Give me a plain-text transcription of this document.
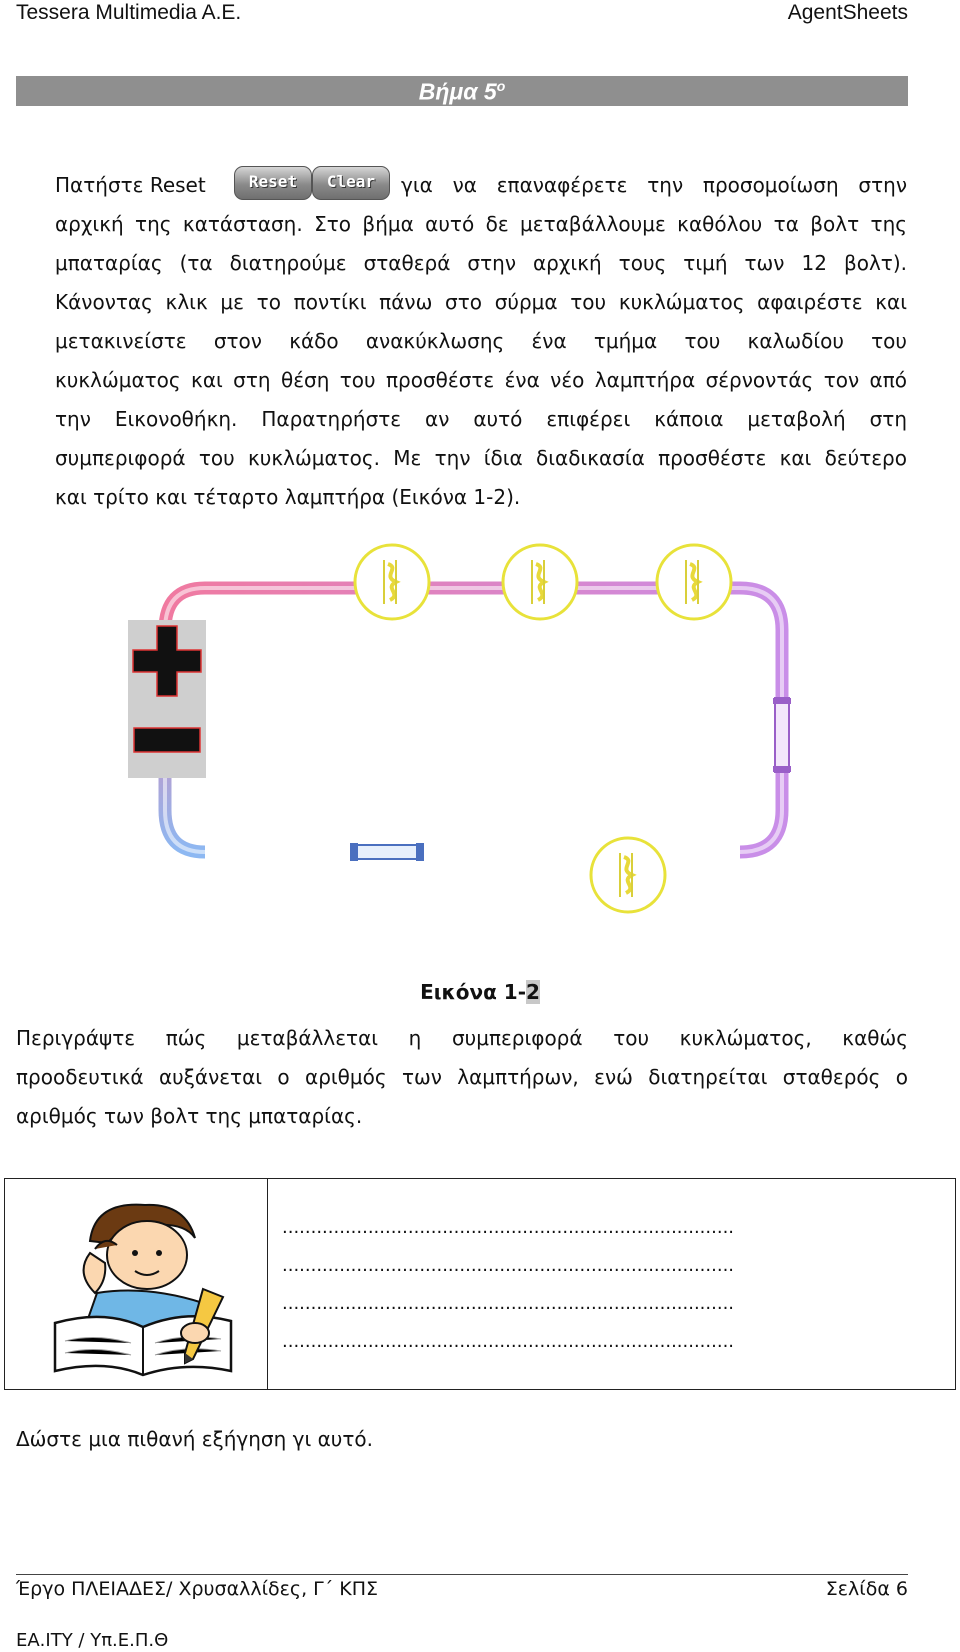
Tessera Multimedia A.E.	AgentSheets
Βήμα $5^o$
Πατήστε Reset	για να επαναφέρετε την προσομοίωση στην
αρχική της κατάσταση. Στο βήμα αυτό δε μεταβάλλουμε καθόλου τα βολτ της
μπαταρίας (τα διατηρούμε σταθερά στην αρχική τους τιμή των 12 βολτ).
Κάνοντας κλικ με το ποντίκι πάνω στο σύρμα του κυκλώματος αφαιρέστε και
μετακινείστε στον κάδο ανακύκλωσης ένα τμήμα του καλωδίου του
κυκλώματος και στη θέση του προσθέστε ένα νέο λαμπτήρα σέρνοντάς τον από
την Εικονοθήκη. Παρατηρήστε αν αυτό επιφέρει κάποια μεταβολή στη
συμπεριφορά του κυκλώματος. Με την ίδια διαδικασία προσθέστε και δεύτερο
και τρίτο και τέταρτο λαμπτήρα (Εικόνα 1-2).
Reset	Clear
Εικόνα 1-2
Περιγράψτε πώς μεταβάλλεται η συμπεριφορά του κυκλώματος, καθώς
προοδευτικά αυξάνεται ο αριθμός των λαμπτήρων, ενώ διατηρείται σταθερός ο
αριθμός των βολτ της μπαταρίας.
...............................................................................
...............................................................................
...............................................................................
...............................................................................
Δώστε μια πιθανή εξήγηση γι αυτό.
Έργο ΠΛΕΙΑΔΕΣ/ Χρυσαλλίδες, Γ΄ ΚΠΣ	Σελίδα 6
ΕΑ.ΙΤΥ / Υπ.Ε.Π.Θ
